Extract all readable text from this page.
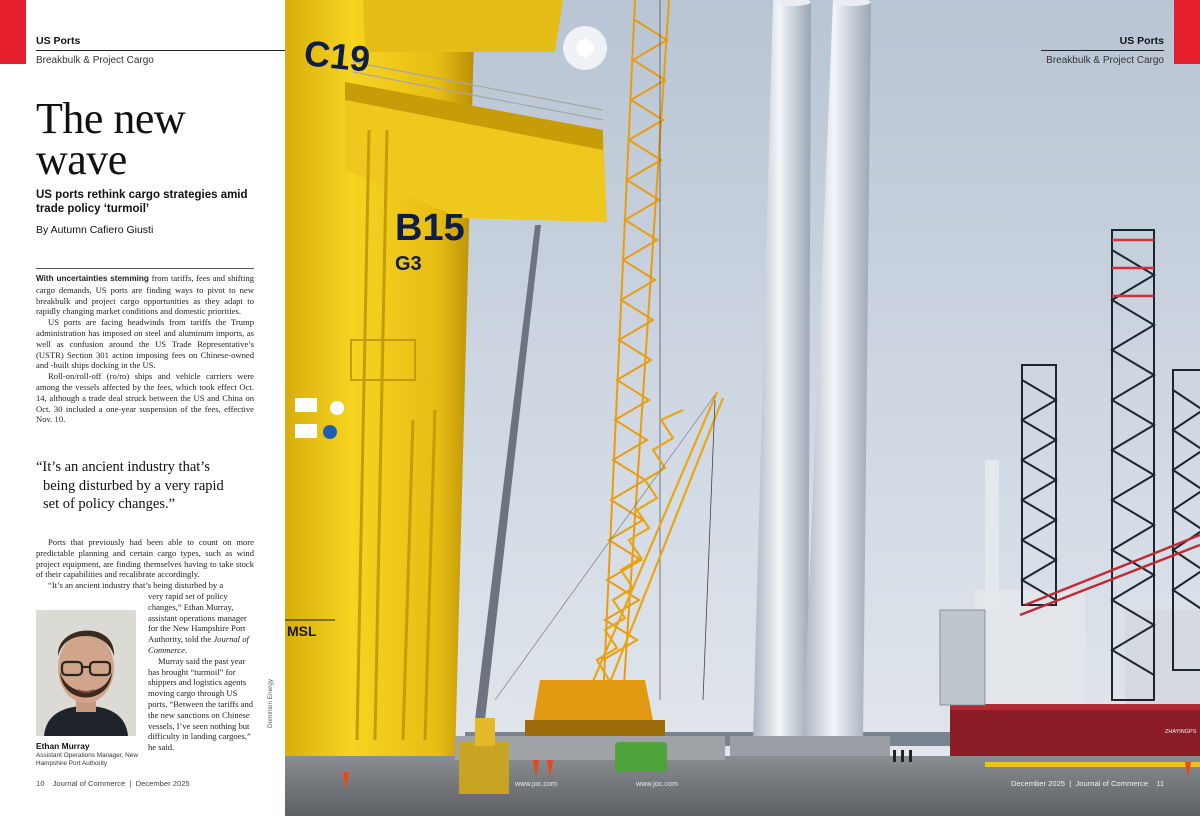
ZHAYINGPS
C19
B15
G3
MSL
US Ports
Breakbulk & Project Cargo
www.joc.com	www.joc.com	December 2025  |  Journal of Commerce 11
US Ports
Breakbulk & Project Cargo
The new
wave
US ports rethink cargo strategies amid trade policy ‘turmoil’
By Autumn Cafiero Giusti

With uncertainties stemming from tariffs, fees and shifting cargo demands, US ports are finding ways to pivot to new breakbulk and project cargo opportunities as they adapt to rapidly changing market conditions and domestic priorities.

US ports are facing headwinds from tariffs the Trump administration has imposed on steel and aluminum imports, as well as confusion around the US Trade Representative’s (USTR) Section 301 action imposing fees on Chinese-owned and -built ships docking in the US.

Roll-on/roll-off (ro/ro) ships and vehicle carriers were among the vessels affected by the fees, which took effect Oct. 14, although a trade deal struck between the US and China on Oct. 30 included a one-year suspension of the fees, effective Nov. 10.

“It’s an ancient industry that’s
being disturbed by a very rapid
set of policy changes.”

Ports that previously had been able to count on more predictable planning and certain cargo types, such as wind project equipment, are finding themselves having to take stock of their capabilities and recalibrate accordingly.

“It’s an ancient industry that’s being disturbed by a

very rapid set of policy changes,” Ethan Murray, assistant operations manager for the New Hampshire Port Authority, told the Journal of Commerce.

Murray said the past year has brought “turmoil” for shippers and logistics agents moving cargo through US ports. “Between the tariffs and the new sanctions on Chinese vessels, I’ve seen nothing but difficulty in landing cargoes,” he said.

Ethan Murray
Assistant Operations Manager, New Hampshire Port Authority
Dominion Energy
10 Journal of Commerce  |  December 2025
